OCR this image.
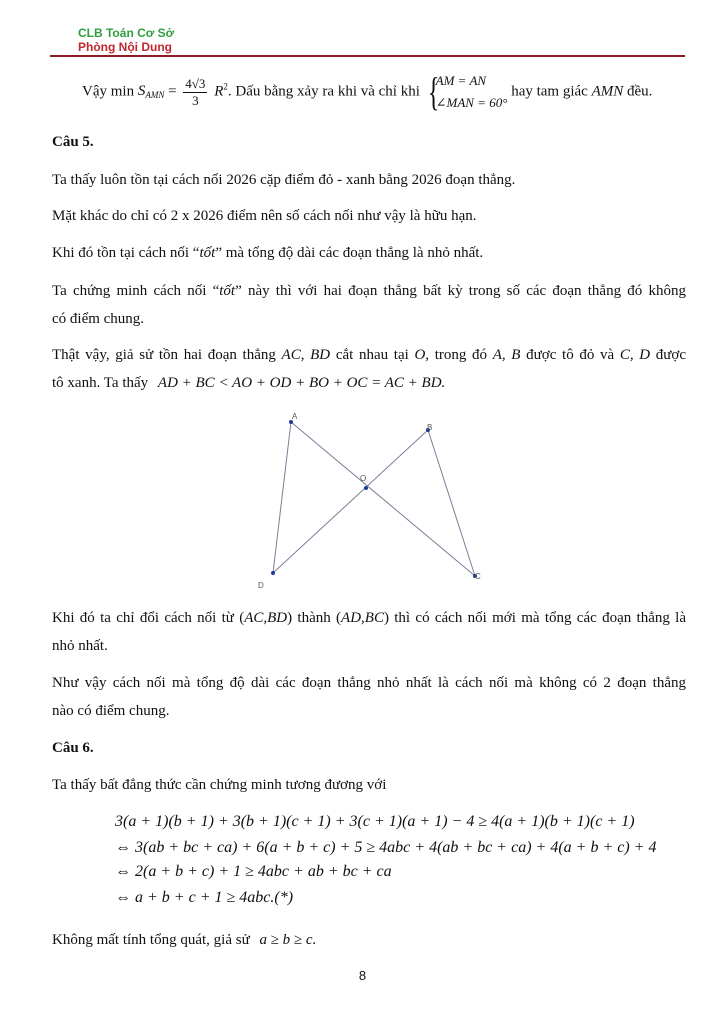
CLB Toán Cơ Sở
Phòng Nội Dung
Vậy $\min S_{AMN} = \frac{4√3}{3} R^2$. Dấu bằng xảy ra khi và chỉ khi {
AM = AN
∠MAN = 60°
hay tam giác AMN đều.
Câu 5.
Ta thấy luôn tồn tại cách nối 2026 cặp điểm đỏ - xanh bằng 2026 đoạn thẳng.
Mặt khác do chỉ có 2 x 2026 điểm nên số cách nối như vậy là hữu hạn.
Khi đó tồn tại cách nối “tốt” mà tổng độ dài các đoạn thẳng là nhỏ nhất.
Ta chứng minh cách nối “tốt” này thì với hai đoạn thẳng bất kỳ trong số các đoạn thẳng đó không
có điểm chung.
Thật vậy, giả sử tồn hai đoạn thẳng AC, BD cắt nhau tại O, trong đó A, B được tô đỏ và C, D được
tô xanh. Ta thấy AD + BC < AO + OD + BO + OC = AC + BD.
A
B
C
D
O
Khi đó ta chỉ đổi cách nối từ (AC,BD) thành (AD,BC) thì có cách nối mới mà tổng các đoạn thẳng là
nhỏ nhất.
Như vậy cách nối mà tổng độ dài các đoạn thẳng nhỏ nhất là cách nối mà không có 2 đoạn thẳng
nào có điểm chung.
Câu 6.
Ta thấy bất đẳng thức cần chứng minh tương đương với
3(a + 1)(b + 1) + 3(b + 1)(c + 1) + 3(c + 1)(a + 1) − 4 ≥ 4(a + 1)(b + 1)(c + 1)
⇔ 3(ab + bc + ca) + 6(a + b + c) + 5 ≥ 4abc + 4(ab + bc + ca) + 4(a + b + c) + 4
⇔ 2(a + b + c) + 1 ≥ 4abc + ab + bc + ca
⇔ a + b + c + 1 ≥ 4abc.(*)
Không mất tính tổng quát, giả sử a ≥ b ≥ c.
8
